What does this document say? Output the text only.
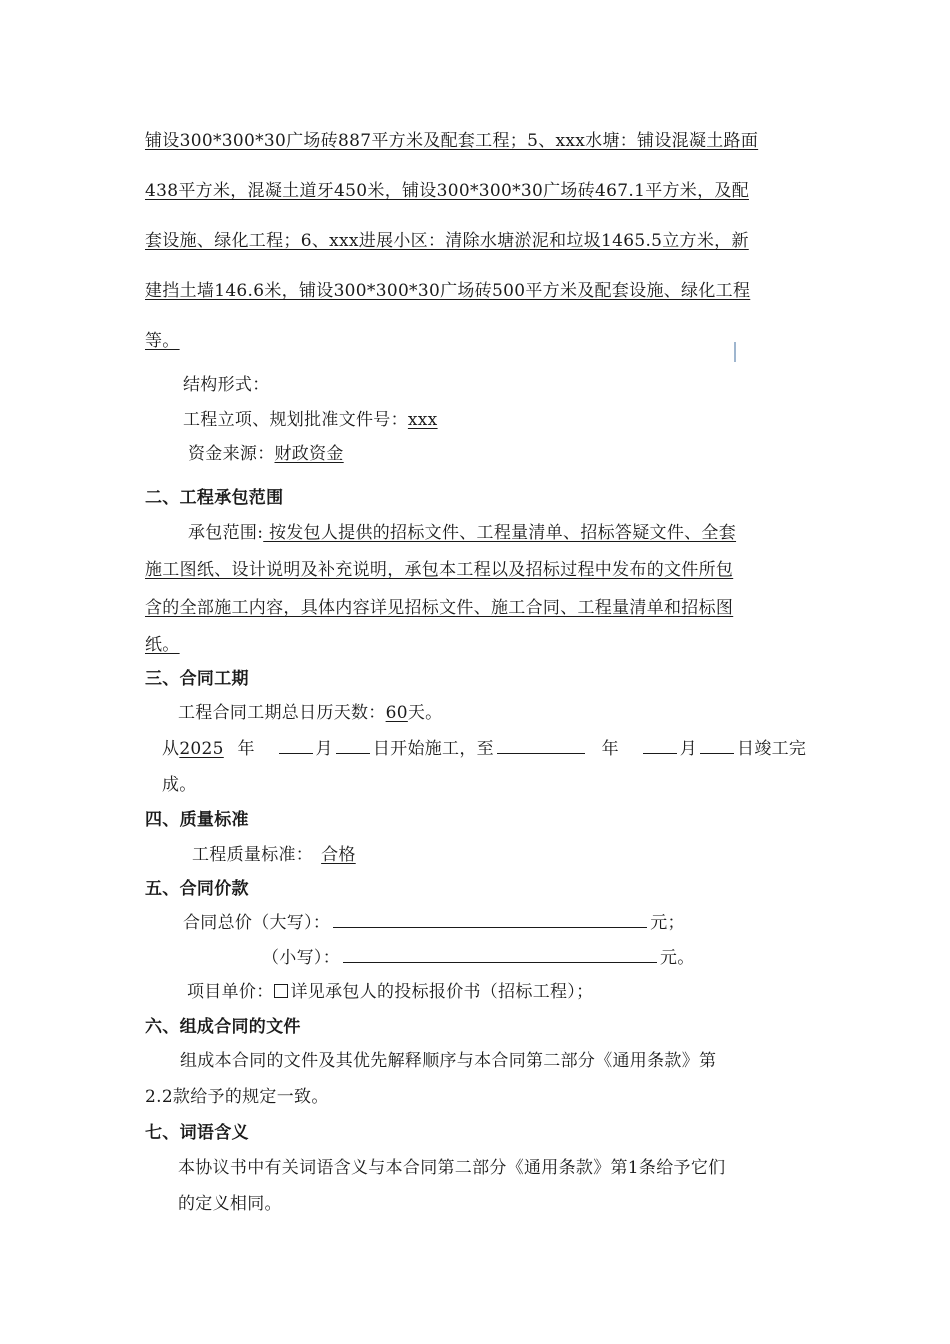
铺设300*300*30广场砖887平方米及配套工程；5、xxx水塘：铺设混凝土路面
438平方米，混凝土道牙450米，铺设300*300*30广场砖467.1平方米，及配
套设施、绿化工程；6、xxx进展小区：清除水塘淤泥和垃圾1465.5立方米，新
建挡土墙146.6米，铺设300*300*30广场砖500平方米及配套设施、绿化工程
等。
结构形式：
工程立项、规划批准文件号：xxx
资金来源：财政资金
二、工程承包范围
承包范围: 按发包人提供的招标文件、工程量清单、招标答疑文件、全套
施工图纸、设计说明及补充说明，承包本工程以及招标过程中发布的文件所包
含的全部施工内容，具体内容详见招标文件、施工合同、工程量清单和招标图
纸。
三、合同工期
工程合同工期总日历天数：60天。
从2025 年	月 日开始施工，至	年	月 日竣工完
成。
四、质量标准
工程质量标准： 合格
五、合同价款
合同总价（大写）：	元；
（小写）：	元。
项目单价： 详见承包人的投标报价书（招标工程）；
六、组成合同的文件
组成本合同的文件及其优先解释顺序与本合同第二部分《通用条款》第
2.2款给予的规定一致。
七、词语含义
本协议书中有关词语含义与本合同第二部分《通用条款》第1条给予它们
的定义相同。
